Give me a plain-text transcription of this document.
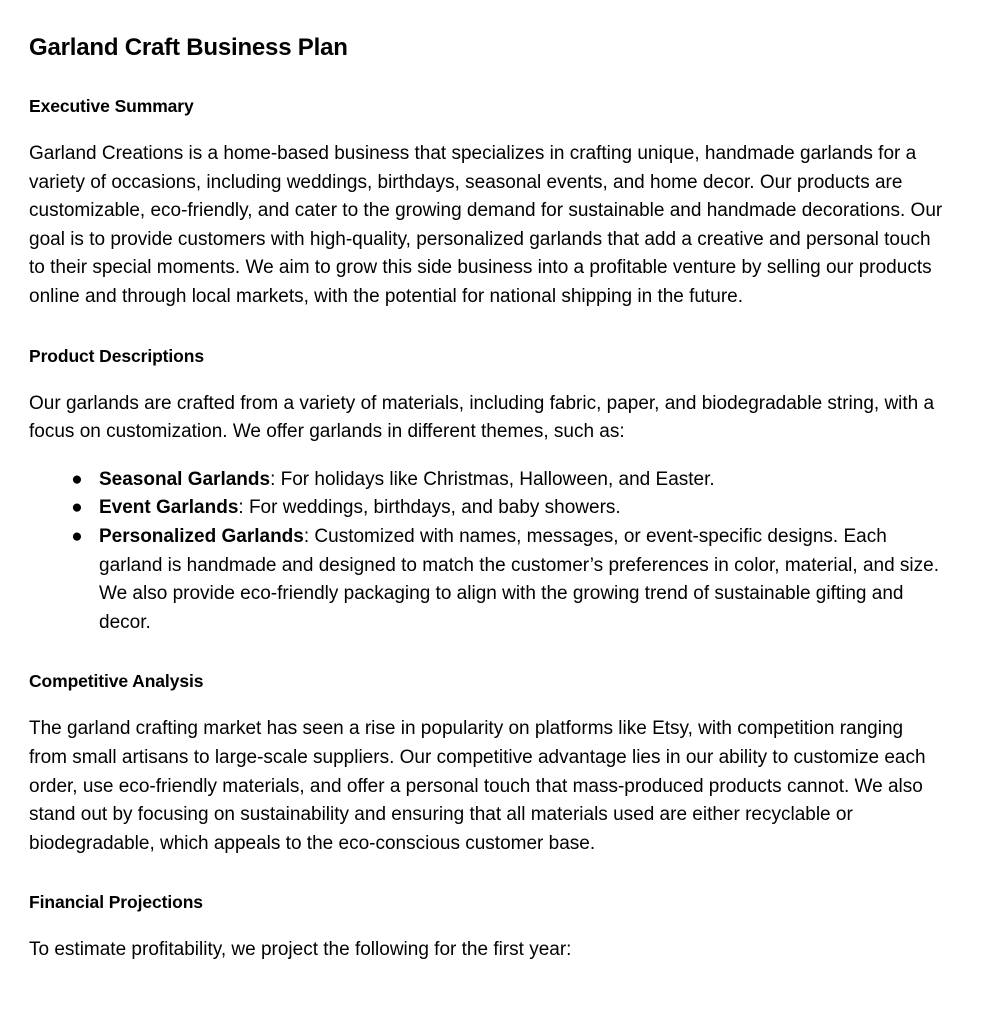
Garland Craft Business Plan
Executive Summary

Garland Creations is a home-based business that specializes in crafting unique, handmade garlands for a variety of occasions, including weddings, birthdays, seasonal events, and home decor. Our products are customizable, eco-friendly, and cater to the growing demand for sustainable and handmade decorations. Our goal is to provide customers with high-quality, personalized garlands that add a creative and personal touch to their special moments. We aim to grow this side business into a profitable venture by selling our products online and through local markets, with the potential for national shipping in the future.

Product Descriptions

Our garlands are crafted from a variety of materials, including fabric, paper, and biodegradable string, with a focus on customization. We offer garlands in different themes, such as:

● Seasonal Garlands: For holidays like Christmas, Halloween, and Easter.
● Event Garlands: For weddings, birthdays, and baby showers.
● Personalized Garlands: Customized with names, messages, or event-specific designs. Each garland is handmade and designed to match the customer’s preferences in color, material, and size. We also provide eco-friendly packaging to align with the growing trend of sustainable gifting and decor.
Competitive Analysis

The garland crafting market has seen a rise in popularity on platforms like Etsy, with competition ranging from small artisans to large-scale suppliers. Our competitive advantage lies in our ability to customize each order, use eco-friendly materials, and offer a personal touch that mass-produced products cannot. We also stand out by focusing on sustainability and ensuring that all materials used are either recyclable or biodegradable, which appeals to the eco-conscious customer base.

Financial Projections

To estimate profitability, we project the following for the first year:
